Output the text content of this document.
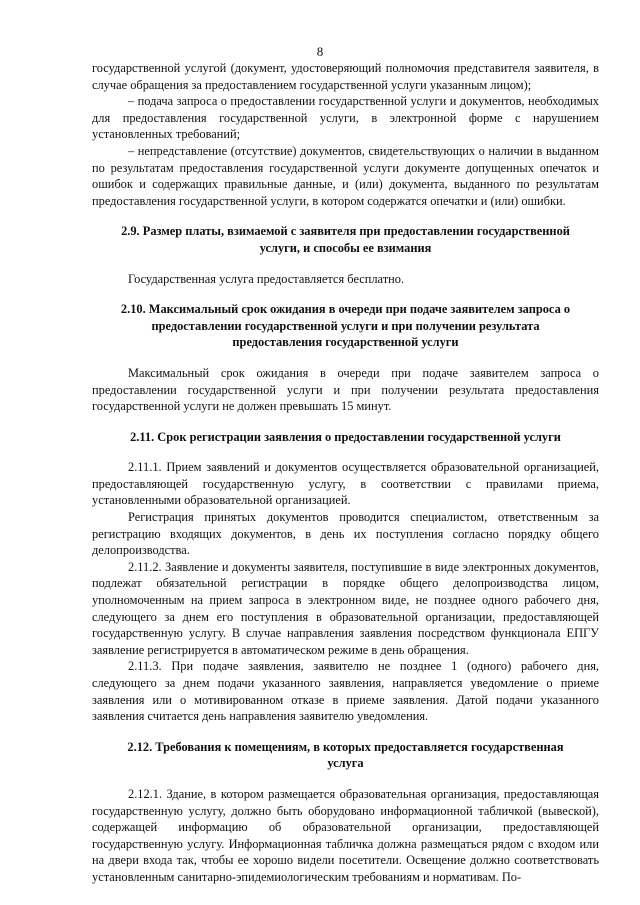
8

государственной услугой (документ, удостоверяющий полномочия представителя заявителя, в случае обращения за предоставлением государственной услуги указанным лицом);

– подача запроса о предоставлении государственной услуги и документов, необходимых для предоставления государственной услуги, в электронной форме с нарушением установленных требований;

– непредставление (отсутствие) документов, свидетельствующих о наличии в выданном по результатам предоставления государственной услуги документе допущенных опечаток и ошибок и содержащих правильные данные, и (или) документа, выданного по результатам предоставления государственной услуги, в котором содержатся опечатки и (или) ошибки.

2.9. Размер платы, взимаемой с заявителя при предоставлении государственной услуги, и способы ее взимания

Государственная услуга предоставляется бесплатно.

2.10. Максимальный срок ожидания в очереди при подаче заявителем запроса о предоставлении государственной услуги и при получении результата предоставления государственной услуги

Максимальный срок ожидания в очереди при подаче заявителем запроса о предоставлении государственной услуги и при получении результата предоставления государственной услуги не должен превышать 15 минут.

2.11. Срок регистрации заявления о предоставлении государственной услуги

2.11.1. Прием заявлений и документов осуществляется образовательной организацией, предоставляющей государственную услугу, в соответствии с правилами приема, установленными образовательной организацией.

Регистрация принятых документов проводится специалистом, ответственным за регистрацию входящих документов, в день их поступления согласно порядку общего делопроизводства.

2.11.2. Заявление и документы заявителя, поступившие в виде электронных документов, подлежат обязательной регистрации в порядке общего делопроизводства лицом, уполномоченным на прием запроса в электронном виде, не позднее одного рабочего дня, следующего за днем его поступления в образовательной организации, предоставляющей государственную услугу. В случае направления заявления посредством функционала ЕПГУ заявление регистрируется в автоматическом режиме в день обращения.

2.11.3. При подаче заявления, заявителю не позднее 1 (одного) рабочего дня, следующего за днем подачи указанного заявления, направляется уведомление о приеме заявления или о мотивированном отказе в приеме заявления. Датой подачи указанного заявления считается день направления заявителю уведомления.

2.12. Требования к помещениям, в которых предоставляется государственная услуга

2.12.1. Здание, в котором размещается образовательная организация, предоставляющая государственную услугу, должно быть оборудовано информационной табличкой (вывеской), содержащей информацию об образовательной организации, предоставляющей государственную услугу. Информационная табличка должна размещаться рядом с входом или на двери входа так, чтобы ее хорошо видели посетители. Освещение должно соответствовать установленным санитарно-эпидемиологическим требованиям и нормативам. По-
